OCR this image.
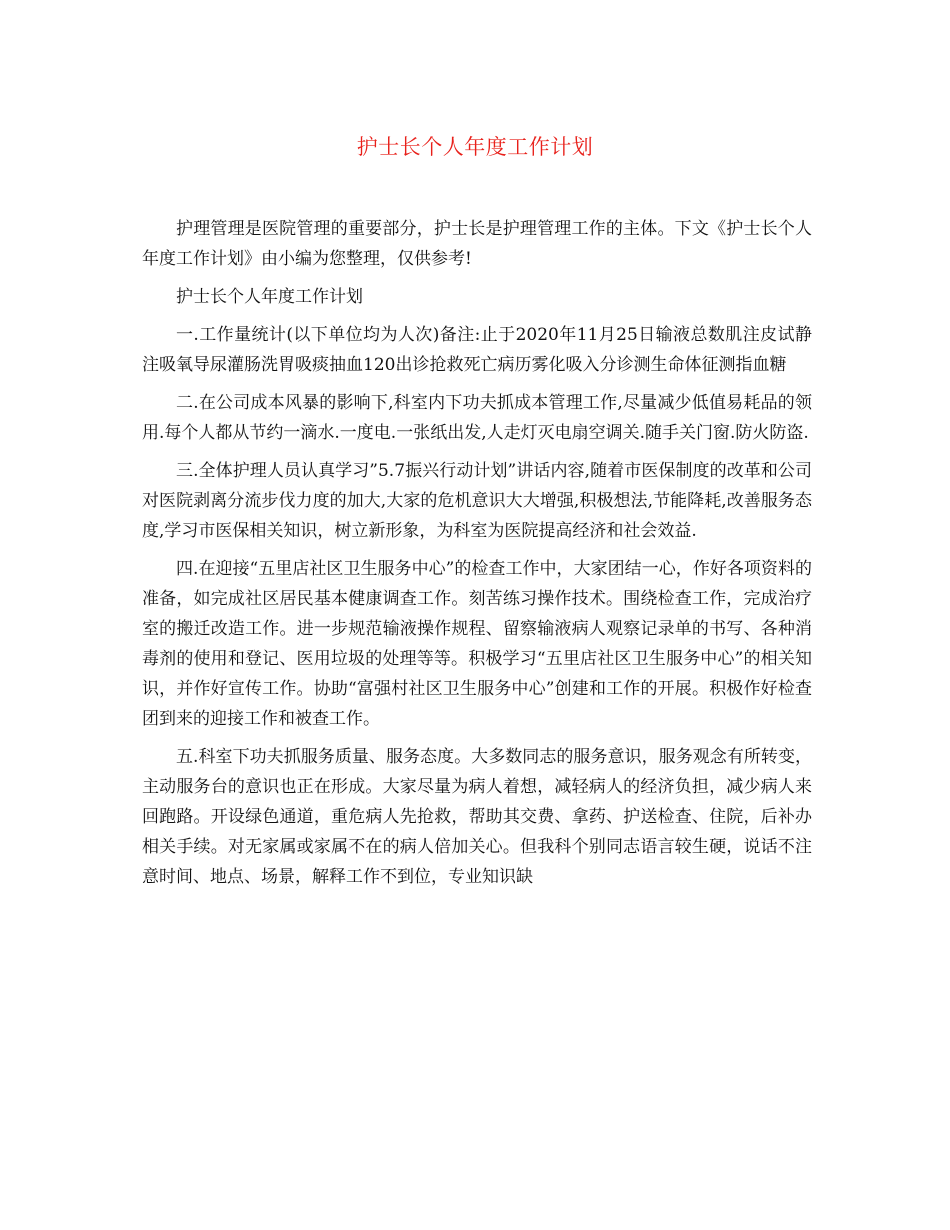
护士长个人年度工作计划

护理管理是医院管理的重要部分，护士长是护理管理工作的主体。下文《护士长个人年度工作计划》由小编为您整理，仅供参考!

护士长个人年度工作计划

一.工作量统计(以下单位均为人次)备注:止于2020年11月25日输液总数肌注皮试静注吸氧导尿灌肠洗胃吸痰抽血120出诊抢救死亡病历雾化吸入分诊测生命体征测指血糖

二.在公司成本风暴的影响下,科室内下功夫抓成本管理工作,尽量减少低值易耗品的领用.每个人都从节约一滴水.一度电.一张纸出发,人走灯灭电扇空调关.随手关门窗.防火防盗.

三.全体护理人员认真学习”5.7振兴行动计划”讲话内容,随着市医保制度的改革和公司对医院剥离分流步伐力度的加大,大家的危机意识大大增强,积极想法,节能降耗,改善服务态度,学习市医保相关知识，树立新形象，为科室为医院提高经济和社会效益.

四.在迎接“五里店社区卫生服务中心”的检查工作中，大家团结一心，作好各项资料的准备，如完成社区居民基本健康调查工作。刻苦练习操作技术。围绕检查工作，完成治疗室的搬迁改造工作。进一步规范输液操作规程、留察输液病人观察记录单的书写、各种消毒剂的使用和登记、医用垃圾的处理等等。积极学习“五里店社区卫生服务中心”的相关知识，并作好宣传工作。协助“富强村社区卫生服务中心”创建和工作的开展。积极作好检查团到来的迎接工作和被查工作。

五.科室下功夫抓服务质量、服务态度。大多数同志的服务意识，服务观念有所转变，主动服务台的意识也正在形成。大家尽量为病人着想，减轻病人的经济负担，减少病人来回跑路。开设绿色通道，重危病人先抢救，帮助其交费、拿药、护送检查、住院，后补办相关手续。对无家属或家属不在的病人倍加关心。但我科个别同志语言较生硬，说话不注意时间、地点、场景，解释工作不到位，专业知识缺
